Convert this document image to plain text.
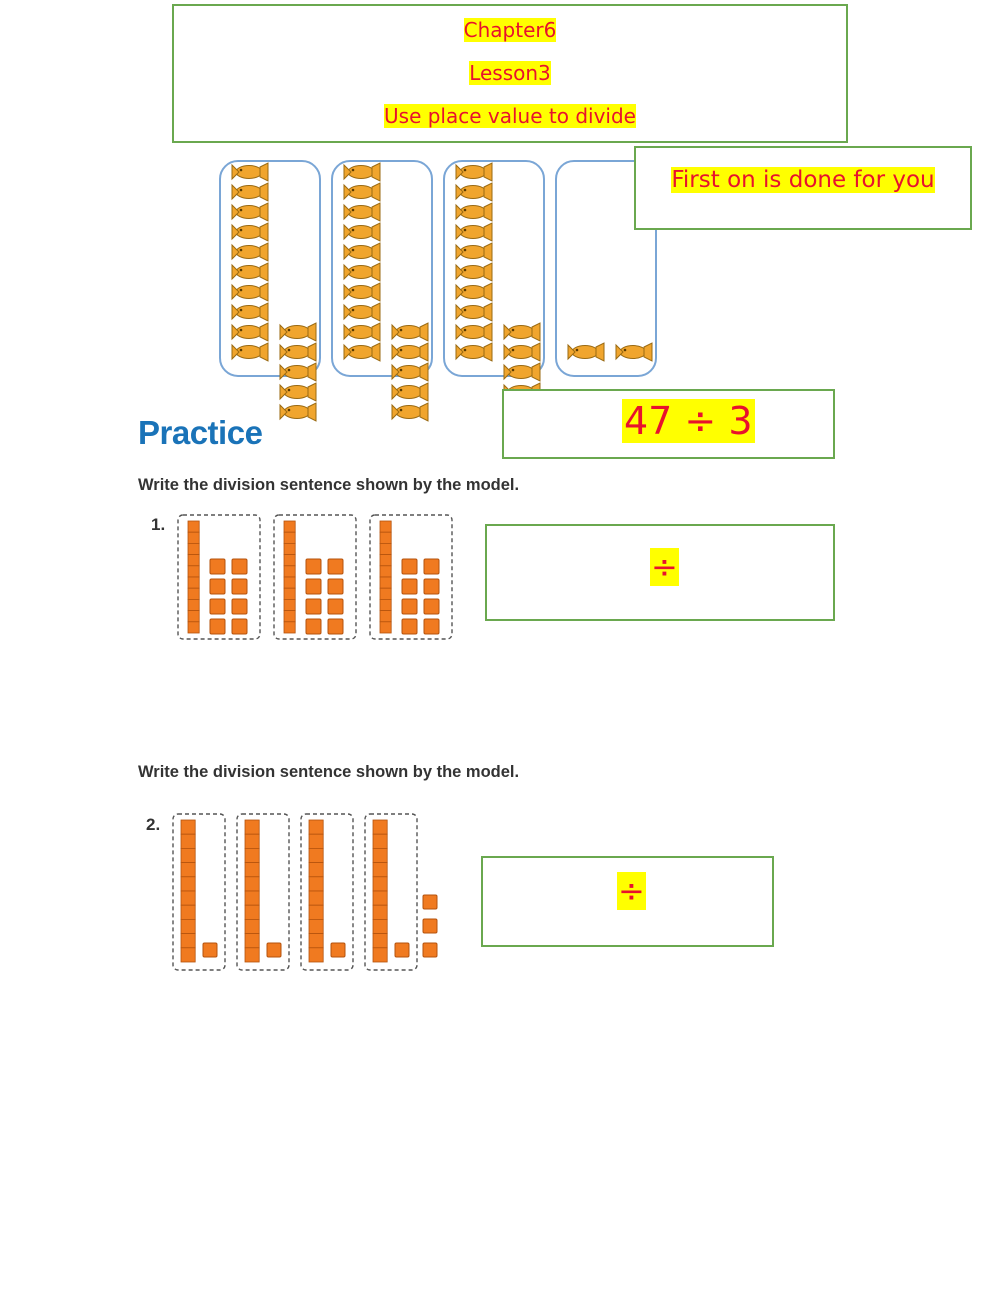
Chapter6
Lesson3
Use place value to divide
First on is done for you
47 ÷ 3
Practice
Write the division sentence shown by the model.
1.
÷
Write the division sentence shown by the model.
2.
÷
